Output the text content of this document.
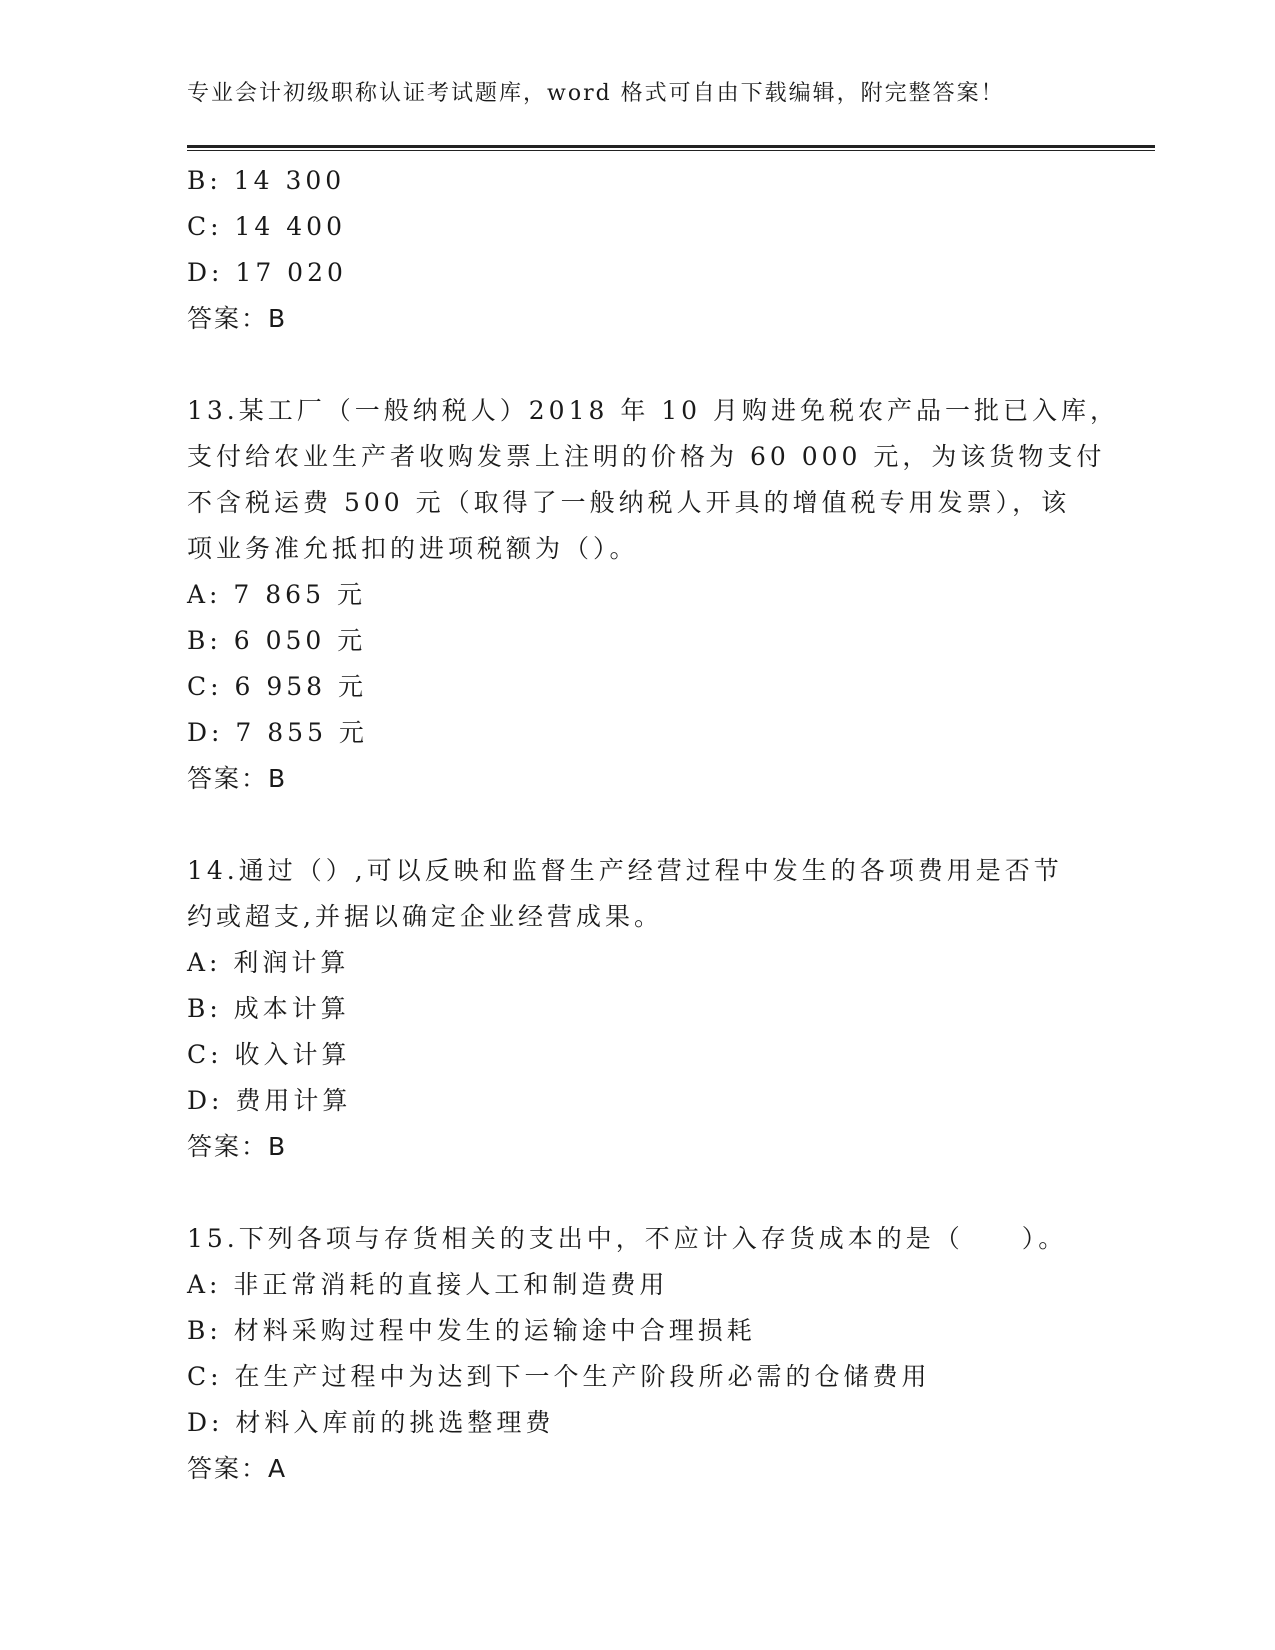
专业会计初级职称认证考试题库，word 格式可自由下载编辑，附完整答案！
B: 14 300
C: 14 400
D: 17 020
答案：B
13.某工厂（一般纳税人）2018 年 10 月购进免税农产品一批已入库，
支付给农业生产者收购发票上注明的价格为 60 000 元，为该货物支付
不含税运费 500 元（取得了一般纳税人开具的增值税专用发票），该
项业务准允抵扣的进项税额为（）。
A: 7 865 元
B: 6 050 元
C: 6 958 元
D: 7 855 元
答案：B
14.通过（）,可以反映和监督生产经营过程中发生的各项费用是否节
约或超支,并据以确定企业经营成果。
A: 利润计算
B: 成本计算
C: 收入计算
D: 费用计算
答案：B
15.下列各项与存货相关的支出中，不应计入存货成本的是（　　）。
A: 非正常消耗的直接人工和制造费用
B: 材料采购过程中发生的运输途中合理损耗
C: 在生产过程中为达到下一个生产阶段所必需的仓储费用
D: 材料入库前的挑选整理费
答案：A
